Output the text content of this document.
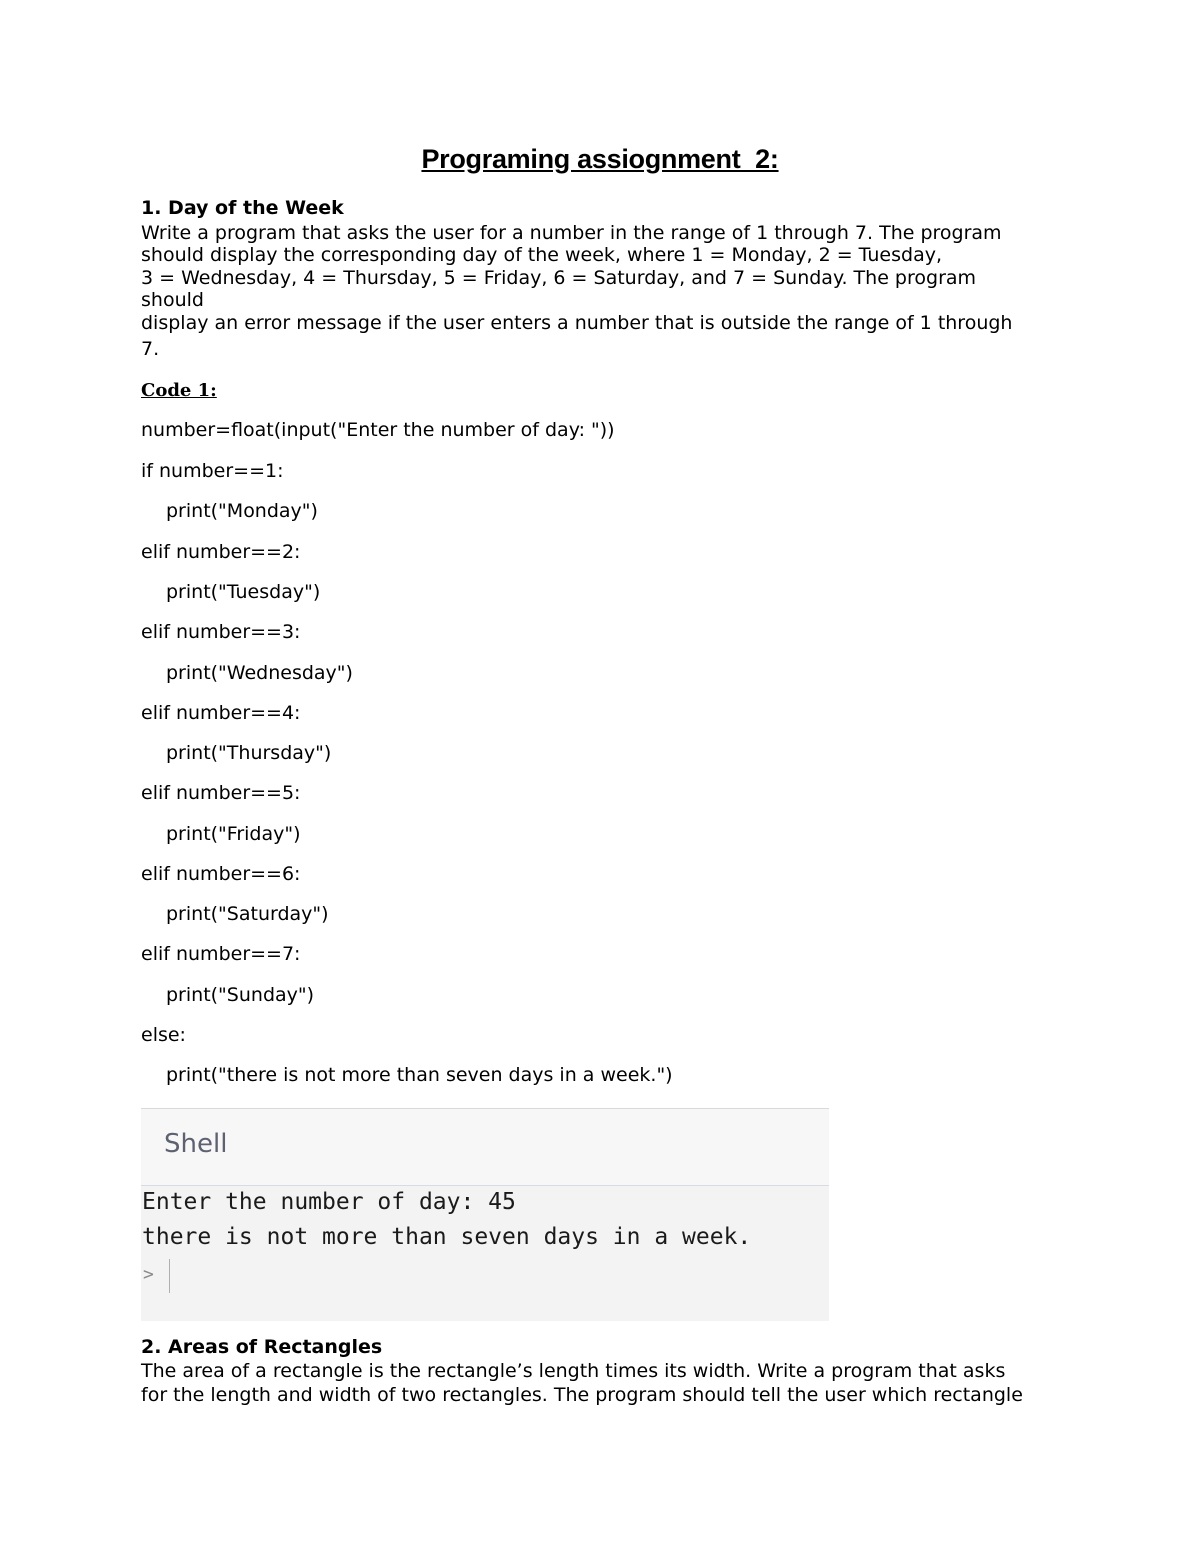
Programing assiognment_2:
1. Day of the Week
Write a program that asks the user for a number in the range of 1 through 7. The program
should display the corresponding day of the week, where 1 = Monday, 2 = Tuesday,
3 = Wednesday, 4 = Thursday, 5 = Friday, 6 = Saturday, and 7 = Sunday. The program
should
display an error message if the user enters a number that is outside the range of 1 through
7.
Code 1:
number=float(input("Enter the number of day: "))
if number==1:
print("Monday")
elif number==2:
print("Tuesday")
elif number==3:
print("Wednesday")
elif number==4:
print("Thursday")
elif number==5:
print("Friday")
elif number==6:
print("Saturday")
elif number==7:
print("Sunday")
else:
print("there is not more than seven days in a week.")
Shell
Enter the number of day: 45
there is not more than seven days in a week.
>
2. Areas of Rectangles
The area of a rectangle is the rectangle’s length times its width. Write a program that asks
for the length and width of two rectangles. The program should tell the user which rectangle
